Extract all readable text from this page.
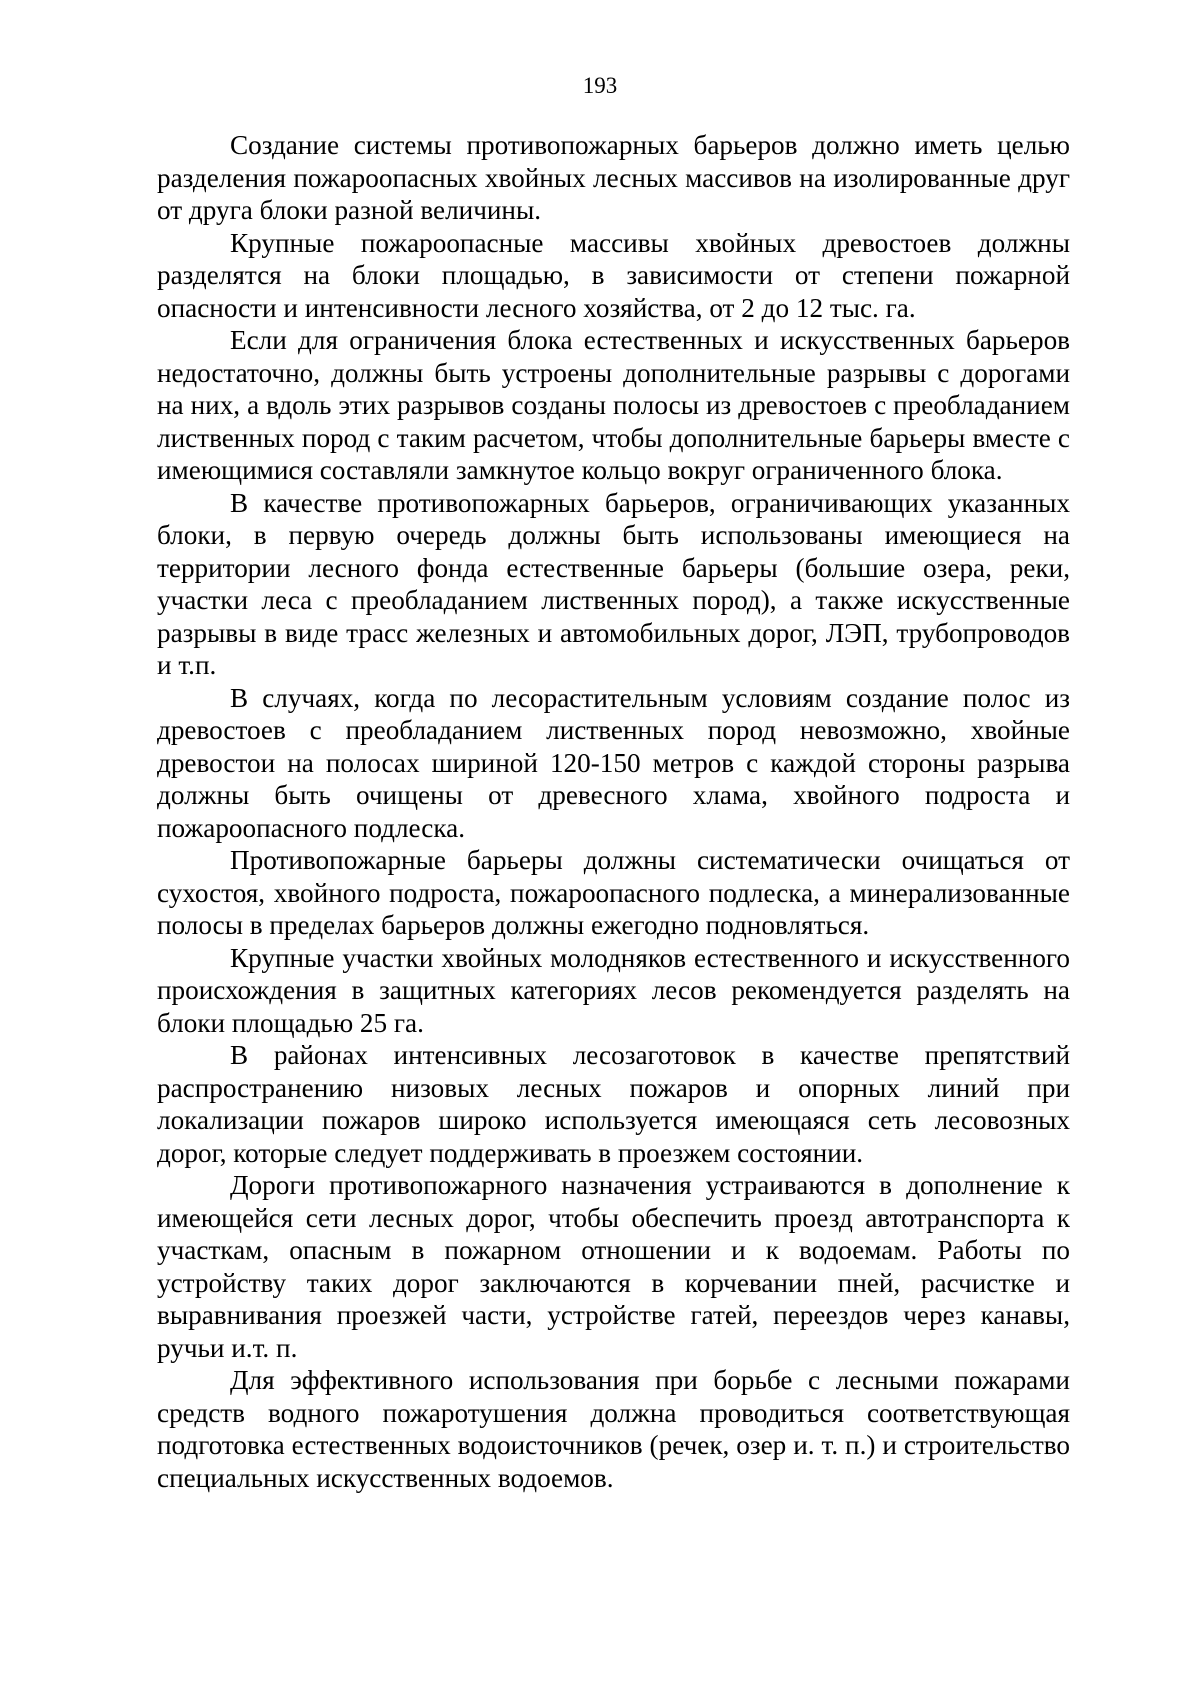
193

Создание системы противопожарных барьеров должно иметь целью разделения пожароопасных хвойных лесных массивов на изолированные друг от друга блоки разной величины.

Крупные пожароопасные массивы хвойных древостоев должны разделятся на блоки площадью, в зависимости от степени пожарной опасности и интенсивности лесного хозяйства, от 2 до 12 тыс. га.

Если для ограничения блока естественных и искусственных барьеров недостаточно, должны быть устроены дополнительные разрывы с дорогами на них, а вдоль этих разрывов созданы полосы из древостоев с преобладанием лиственных пород с таким расчетом, чтобы дополнительные барьеры вместе с имеющимися составляли замкнутое кольцо вокруг ограниченного блока.

В качестве противопожарных барьеров, ограничивающих указанных блоки, в первую очередь должны быть использованы имеющиеся на территории лесного фонда естественные барьеры (большие озера, реки, участки леса с преобладанием лиственных пород), а также искусственные разрывы в виде трасс железных и автомобильных дорог, ЛЭП, трубопроводов и т.п.

В случаях, когда по лесорастительным условиям создание полос из древостоев с преобладанием лиственных пород невозможно, хвойные древостои на полосах шириной 120-150 метров с каждой стороны разрыва должны быть очищены от древесного хлама, хвойного подроста и пожароопасного подлеска.

Противопожарные барьеры должны систематически очищаться от сухостоя, хвойного подроста, пожароопасного подлеска, а минерализованные полосы в пределах барьеров должны ежегодно подновляться.

Крупные участки хвойных молодняков естественного и искусственного происхождения в защитных категориях лесов рекомендуется разделять на блоки площадью 25 га.

В районах интенсивных лесозаготовок в качестве препятствий распространению низовых лесных пожаров и опорных линий при локализации пожаров широко используется имеющаяся сеть лесовозных дорог, которые следует поддерживать в проезжем состоянии.

Дороги противопожарного назначения устраиваются в дополнение к имеющейся сети лесных дорог, чтобы обеспечить проезд автотранспорта к участкам, опасным в пожарном отношении и к водоемам. Работы по устройству таких дорог заключаются в корчевании пней, расчистке и выравнивания проезжей части, устройстве гатей, переездов через канавы, ручьи и.т. п.

Для эффективного использования при борьбе с лесными пожарами средств водного пожаротушения должна проводиться соответствующая подготовка естественных водоисточников (речек, озер и. т. п.) и строительство специальных искусственных водоемов.
